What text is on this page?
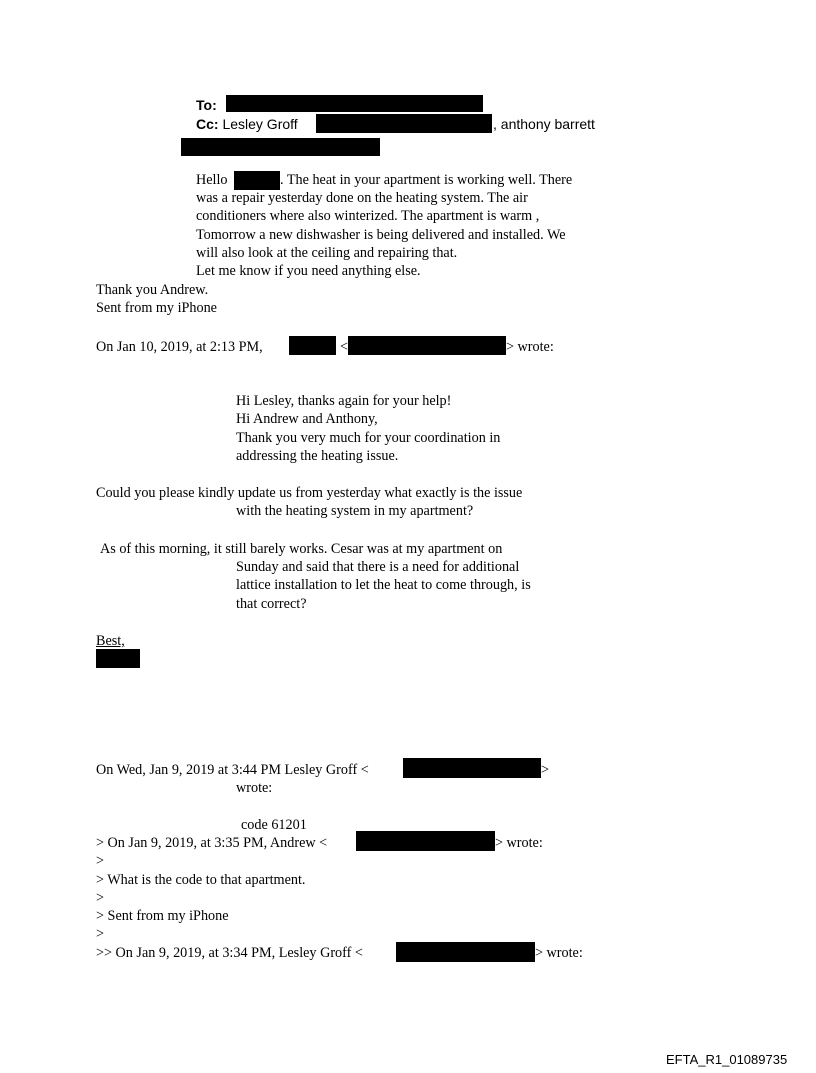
To:
Cc: Lesley Groff	, anthony barrett
Hello	. The heat in your apartment is working well. There
was a repair yesterday done on the heating system. The air
conditioners where also winterized. The apartment is warm ,
Tomorrow a new dishwasher is being delivered and installed. We
will also look at the ceiling and repairing that.
Let me know if you need anything else.
Thank you Andrew.
Sent from my iPhone
On Jan 10, 2019, at 2:13 PM,	<	> wrote:
Hi Lesley, thanks again for your help!
Hi Andrew and Anthony,
Thank you very much for your coordination in
addressing the heating issue.
Could you please kindly update us from yesterday what exactly is the issue
with the heating system in my apartment?
As of this morning, it still barely works. Cesar was at my apartment on
Sunday and said that there is a need for additional
lattice installation to let the heat to come through, is
that correct?
Best,
On Wed, Jan 9, 2019 at 3:44 PM Lesley Groff <	>
wrote:
code 61201
> On Jan 9, 2019, at 3:35 PM, Andrew <	> wrote:
>
> What is the code to that apartment.
>
> Sent from my iPhone
>
>> On Jan 9, 2019, at 3:34 PM, Lesley Groff <	> wrote:
EFTA_R1_01089735
